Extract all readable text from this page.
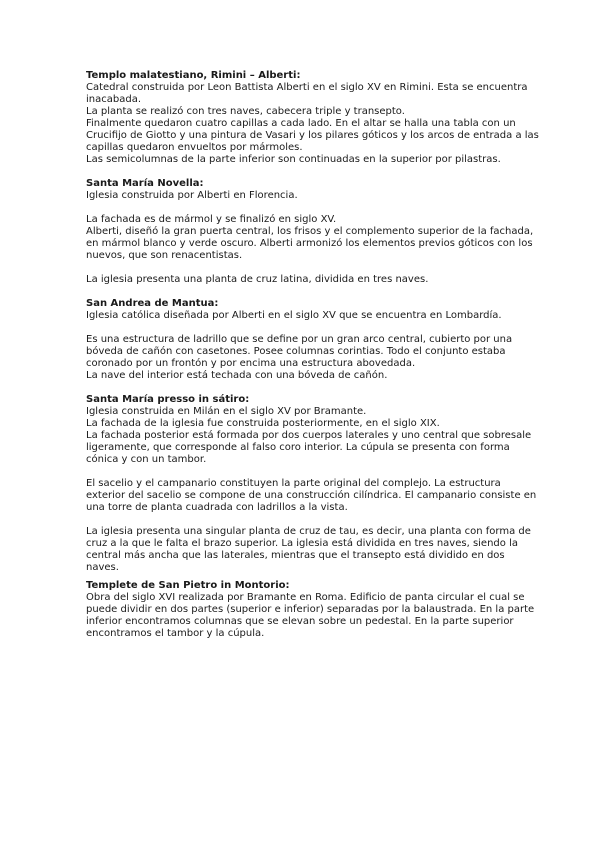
Templo malatestiano, Rimini – Alberti:

Catedral construida por Leon Battista Alberti en el siglo XV en Rimini. Esta se encuentra inacabada.

La planta se realizó con tres naves, cabecera triple y transepto.

Finalmente quedaron cuatro capillas a cada lado. En el altar se halla una tabla con un Crucifijo de Giotto y una pintura de Vasari y los pilares góticos y los arcos de entrada a las capillas quedaron envueltos por mármoles.

Las semicolumnas de la parte inferior son continuadas en la superior por pilastras.

Santa María Novella:

Iglesia construida por Alberti en Florencia.

La fachada es de mármol y se finalizó en siglo XV.

Alberti, diseñó la gran puerta central, los frisos y el complemento superior de la fachada, en mármol blanco y verde oscuro. Alberti armonizó los elementos previos góticos con los nuevos, que son renacentistas.

La iglesia presenta una planta de cruz latina, dividida en tres naves.

San Andrea de Mantua:

Iglesia católica diseñada por Alberti en el siglo XV que se encuentra en Lombardía.

Es una estructura de ladrillo que se define por un gran arco central, cubierto por una bóveda de cañón con casetones. Posee columnas corintias. Todo el conjunto estaba coronado por un frontón y por encima una estructura abovedada.

La nave del interior está techada con una bóveda de cañón.

Santa María presso in sátiro:

Iglesia construida en Milán en el siglo XV por Bramante.

La fachada de la iglesia fue construida posteriormente, en el siglo XIX.

La fachada posterior está formada por dos cuerpos laterales y uno central que sobresale ligeramente, que corresponde al falso coro interior. La cúpula se presenta con forma cónica y con un tambor.

El sacelio y el campanario constituyen la parte original del complejo. La estructura exterior del sacelio se compone de una construcción cilíndrica. El campanario consiste en una torre de planta cuadrada con ladrillos a la vista.

La iglesia presenta una singular planta de cruz de tau, es decir, una planta con forma de cruz a la que le falta el brazo superior. La iglesia está dividida en tres naves, siendo la central más ancha que las laterales, mientras que el transepto está dividido en dos naves.

Templete de San Pietro in Montorio:

Obra del siglo XVI realizada por Bramante en Roma. Edificio de panta circular el cual se puede dividir en dos partes (superior e inferior) separadas por la balaustrada. En la parte inferior encontramos columnas que se elevan sobre un pedestal. En la parte superior encontramos el tambor y la cúpula.
